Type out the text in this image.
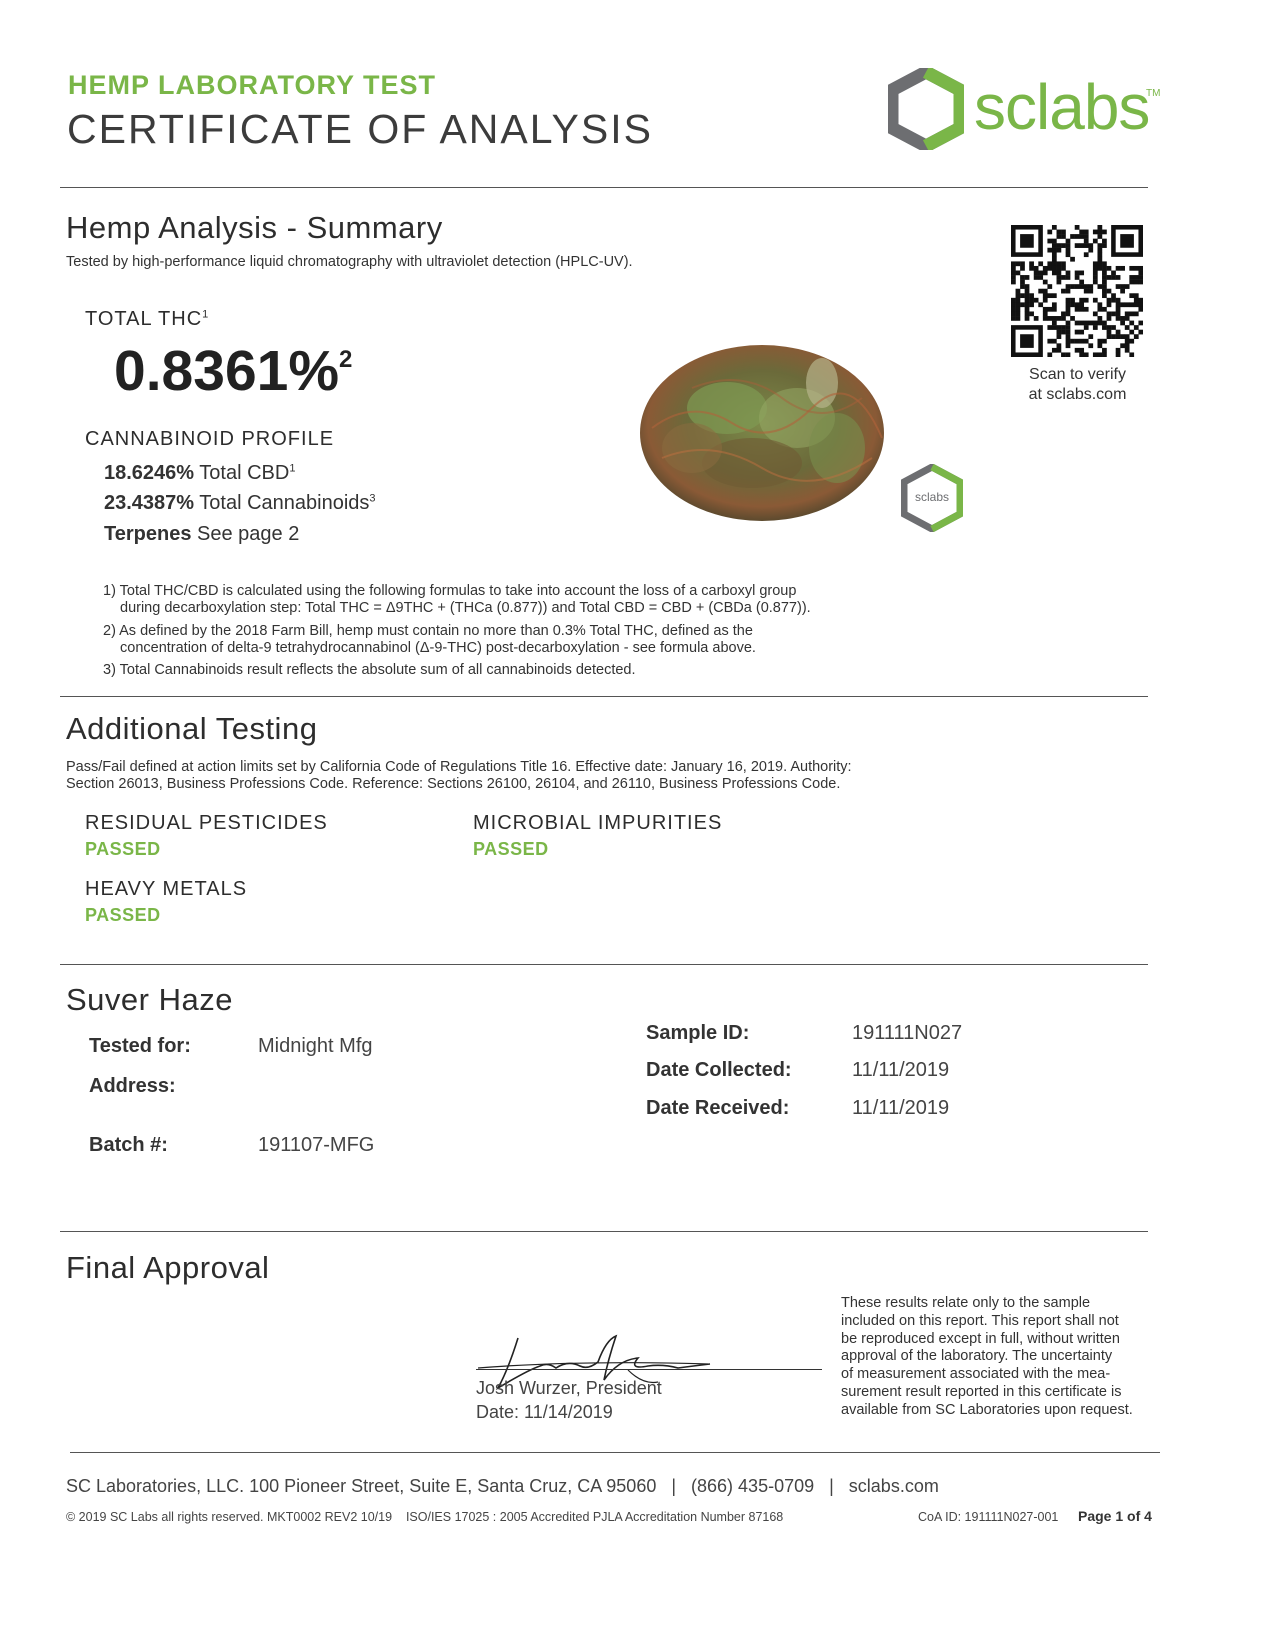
HEMP LABORATORY TEST
CERTIFICATE OF ANALYSIS	sclabs
TM
Hemp Analysis - Summary
Tested by high-performance liquid chromatography with ultraviolet detection (HPLC-UV).
TOTAL THC$^1$
0.8361%$^2$
CANNABINOID PROFILE
18.6246% Total CBD$^1$
23.4387% Total Cannabinoids$^3$
Terpenes See page 2
sclabs
Scan to verify
at sclabs.com
1) Total THC/CBD is calculated using the following formulas to take into account the loss of a carboxyl group
during decarboxylation step: Total THC = Δ9THC + (THCa (0.877)) and Total CBD = CBD + (CBDa (0.877)).
2) As defined by the 2018 Farm Bill, hemp must contain no more than 0.3% Total THC, defined as the
concentration of delta-9 tetrahydrocannabinol (Δ-9-THC) post-decarboxylation - see formula above.
3) Total Cannabinoids result reflects the absolute sum of all cannabinoids detected.
Additional Testing
Pass/Fail defined at action limits set by California Code of Regulations Title 16. Effective date: January 16, 2019. Authority:
Section 26013, Business Professions Code. Reference: Sections 26100, 26104, and 26110, Business Professions Code.
RESIDUAL PESTICIDES
PASSED
MICROBIAL IMPURITIES
PASSED
HEAVY METALS
PASSED
Suver Haze
Tested for:	Midnight Mfg
Address:
Batch #:	191107-MFG
Sample ID:	191111N027
Date Collected:	11/11/2019
Date Received:	11/11/2019
Final Approval
Josh Wurzer, President
Date: 11/14/2019
These results relate only to the sample
included on this report. This report shall not
be reproduced except in full, without written
approval of the laboratory. The uncertainty
of measurement associated with the mea-
surement result reported in this certificate is
available from SC Laboratories upon request.
SC Laboratories, LLC. 100 Pioneer Street, Suite E, Santa Cruz, CA 95060   |   (866) 435-0709   |   sclabs.com
© 2019 SC Labs all rights reserved. MKT0002 REV2 10/19    ISO/IES 17025 : 2005 Accredited PJLA Accreditation Number 87168	CoA ID: 191111N027-001 Page 1 of 4
